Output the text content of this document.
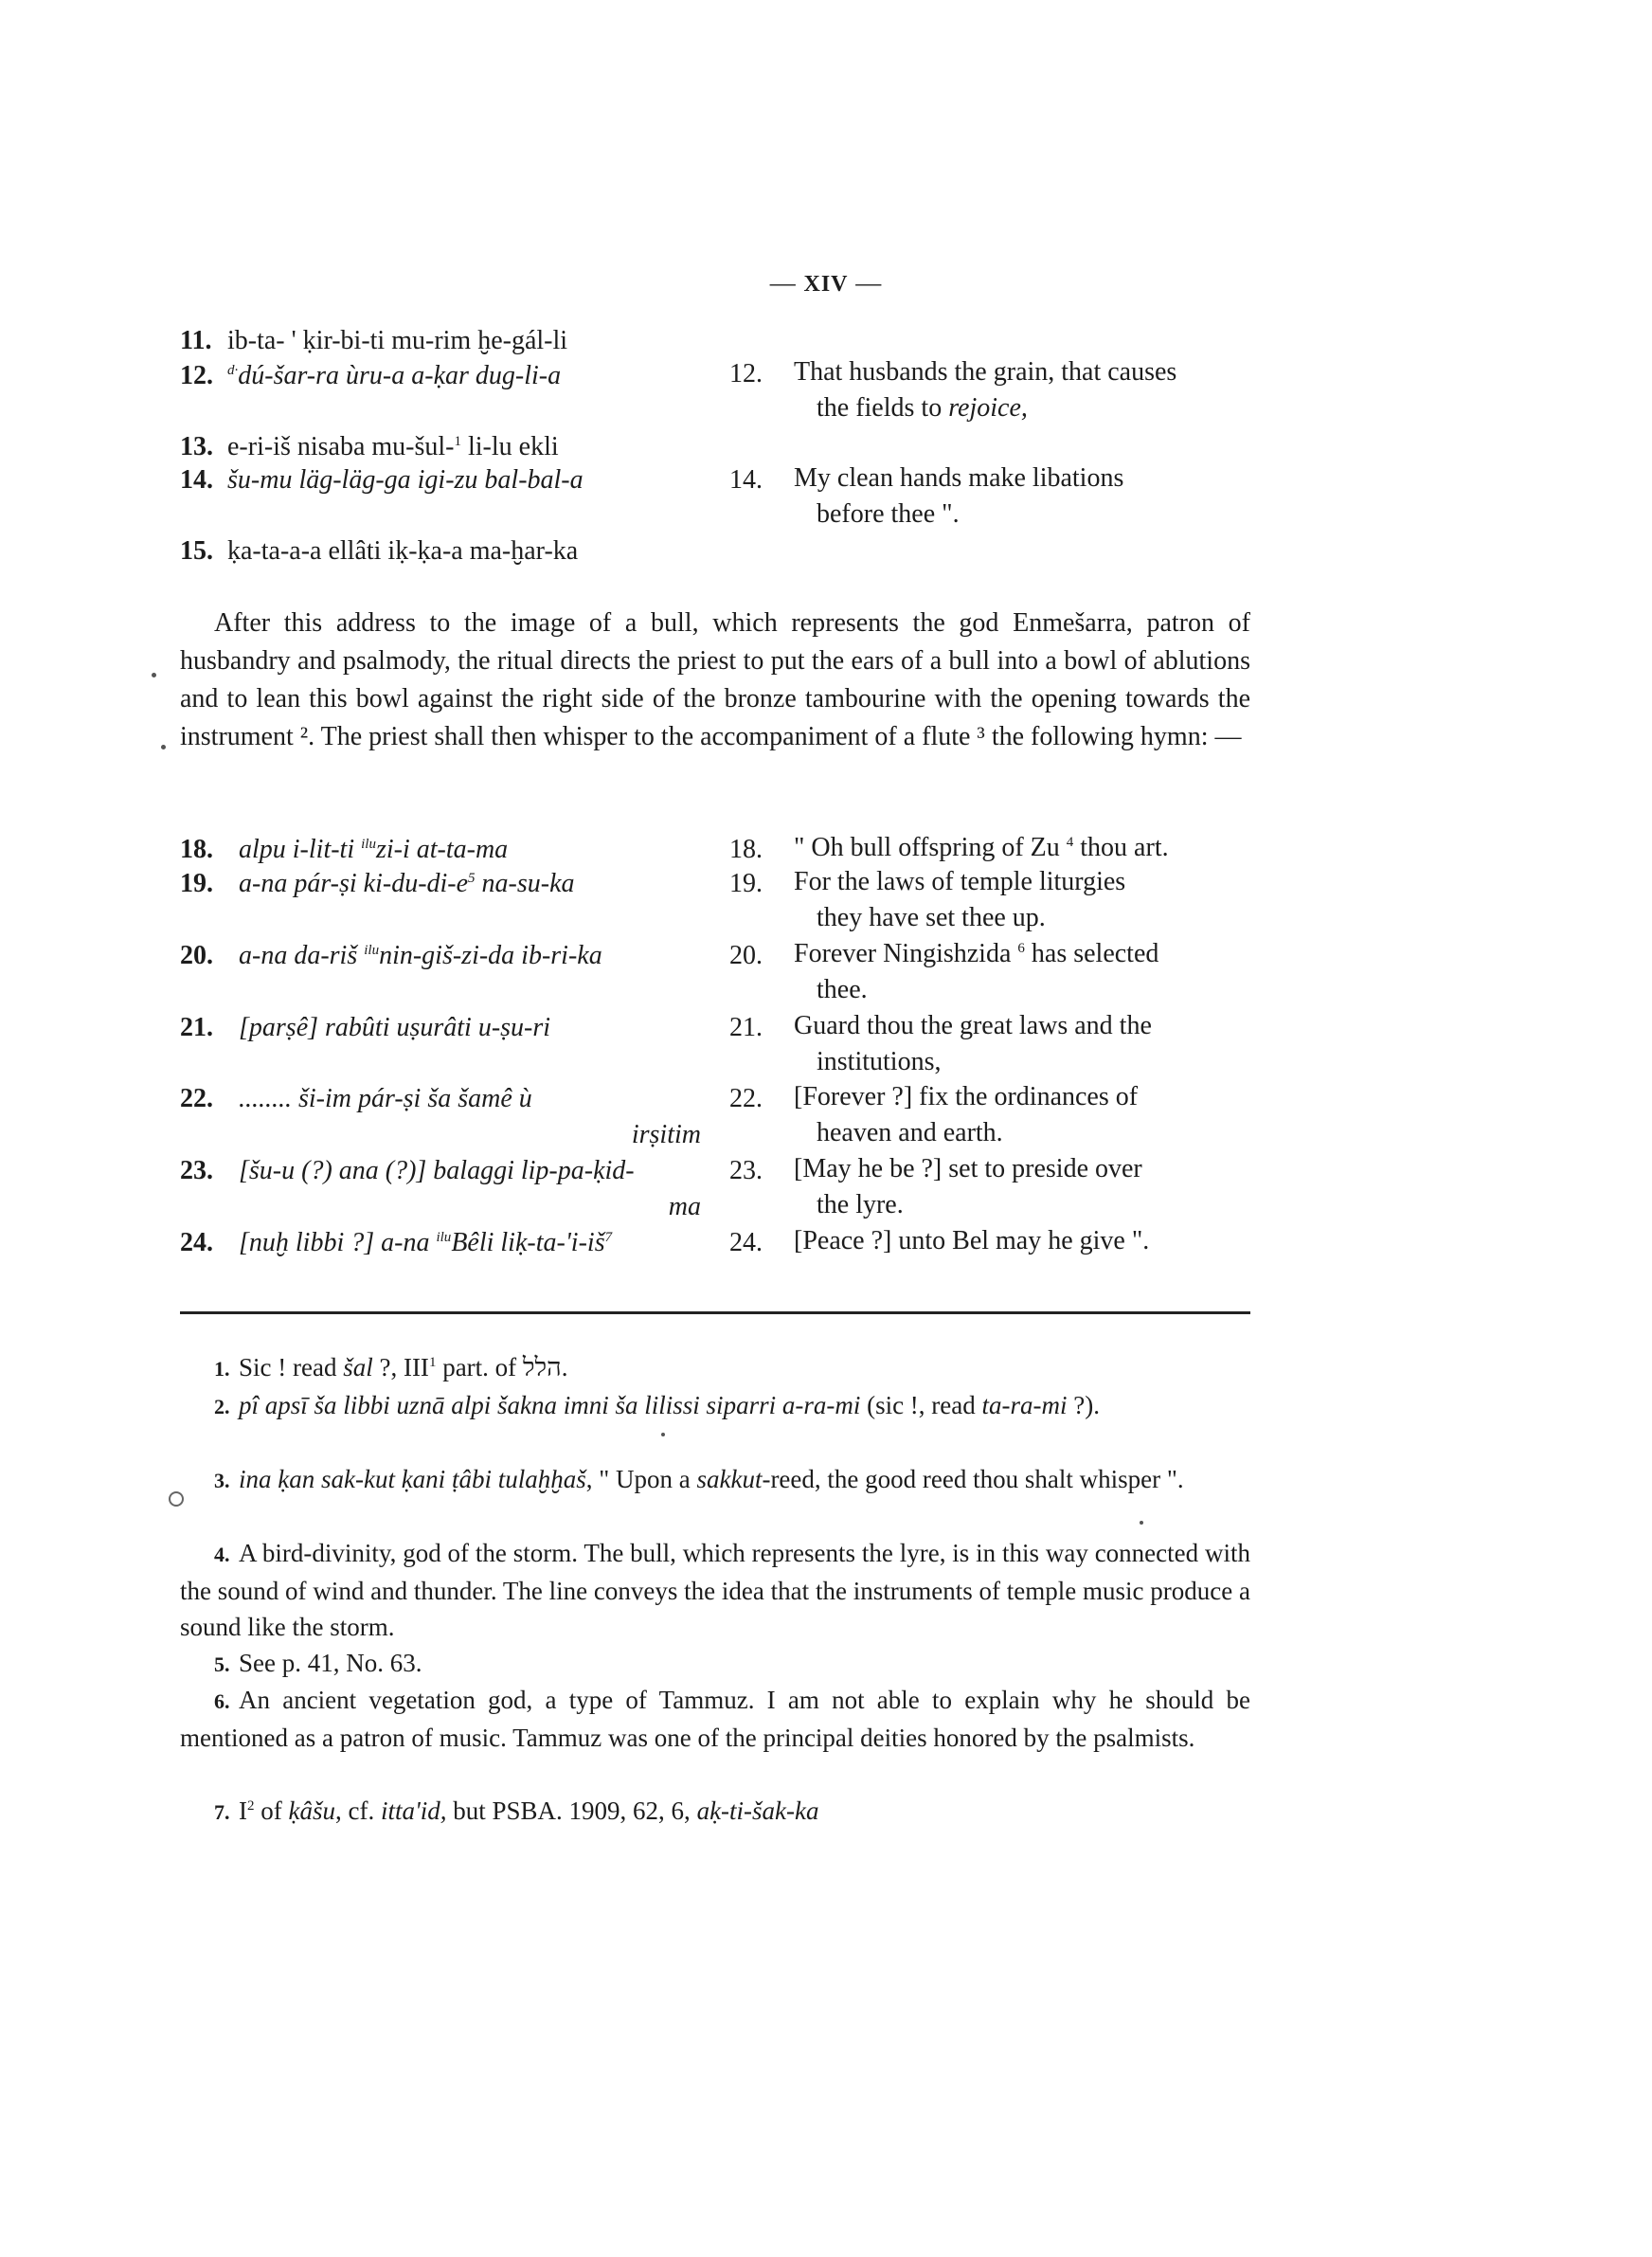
— XIV —
11. ib-ta- ' ḳir-bi-ti mu-rim ḫe-gál-li
12. $^{d\cdot}$dú-šar-ra ùru-a a-ḳar dug-li-a
13. e-ri-iš nisaba mu-šul-$^1$ li-lu ekli
14. šu-mu läg-läg-ga igi-zu bal-bal-a
15. ḳa-ta-a-a ellâti iḳ-ḳa-a ma-ḫar-ka
12. That husbands the grain, that causes
the fields to rejoice,
14. My clean hands make libations
before thee ".
After this address to the image of a bull, which represents the god Enmešarra, patron of husbandry and psalmody, the ritual directs the priest to put the ears of a bull into a bowl of ablutions and to lean this bowl against the right side of the bronze tambourine with the opening towards the instrument ². The priest shall then whisper to the accompaniment of a flute ³ the following hymn: —
18. alpu i-lit-ti $^{ilu}$zi-i at-ta-ma
19. a-na pár-ṣi $ki-du-di-e^5$ na-su-ka
20. a-na da-riš $^{ilu}$nin-giš-zi-da ib-ri-ka
21. [parṣê] rabûti uṣurâti u-ṣu-ri
22. ........ ši-im pár-ṣi ša šamê ù
irṣitim
23. [šu-u (?) ana (?)] balaggi lip-pa-ḳid-
ma
24. [nuḫ libbi ?] a-na $^{ilu}$Bêli liḳ-$ta-'i-iš^7$
18. " Oh bull offspring of Zu $^4$ thou art.
19. For the laws of temple liturgies
they have set thee up.
20. Forever Ningishzida $^6$ has selected
thee.
21. Guard thou the great laws and the
institutions,
22. [Forever ?] fix the ordinances of
heaven and earth.
23. [May he be ?] set to preside over
the lyre.
24. [Peace ?] unto Bel may he give ".
1. Sic ! read šal ?, III$^1$ part. of הלל.
2. pî apsī ša libbi uznā alpi šakna imni ša lilissi siparri a-ra-mi (sic !, read ta-ra-mi ?).
3. ina ḳan sak-kut ḳani ṭâbi tulaḫḫaš, " Upon a sakkut-reed, the good reed thou shalt whisper ".
4. A bird-divinity, god of the storm. The bull, which represents the lyre, is in this way connected with the sound of wind and thunder. The line conveys the idea that the instruments of temple music produce a sound like the storm.
5. See p. 41, No. 63.
6. An ancient vegetation god, a type of Tammuz. I am not able to explain why he should be mentioned as a patron of music. Tammuz was one of the principal deities honored by the psalmists.
7. $I^2$ of ḳâšu, cf. itta'id, but PSBA. 1909, 62, 6, aḳ-ti-šak-ka
